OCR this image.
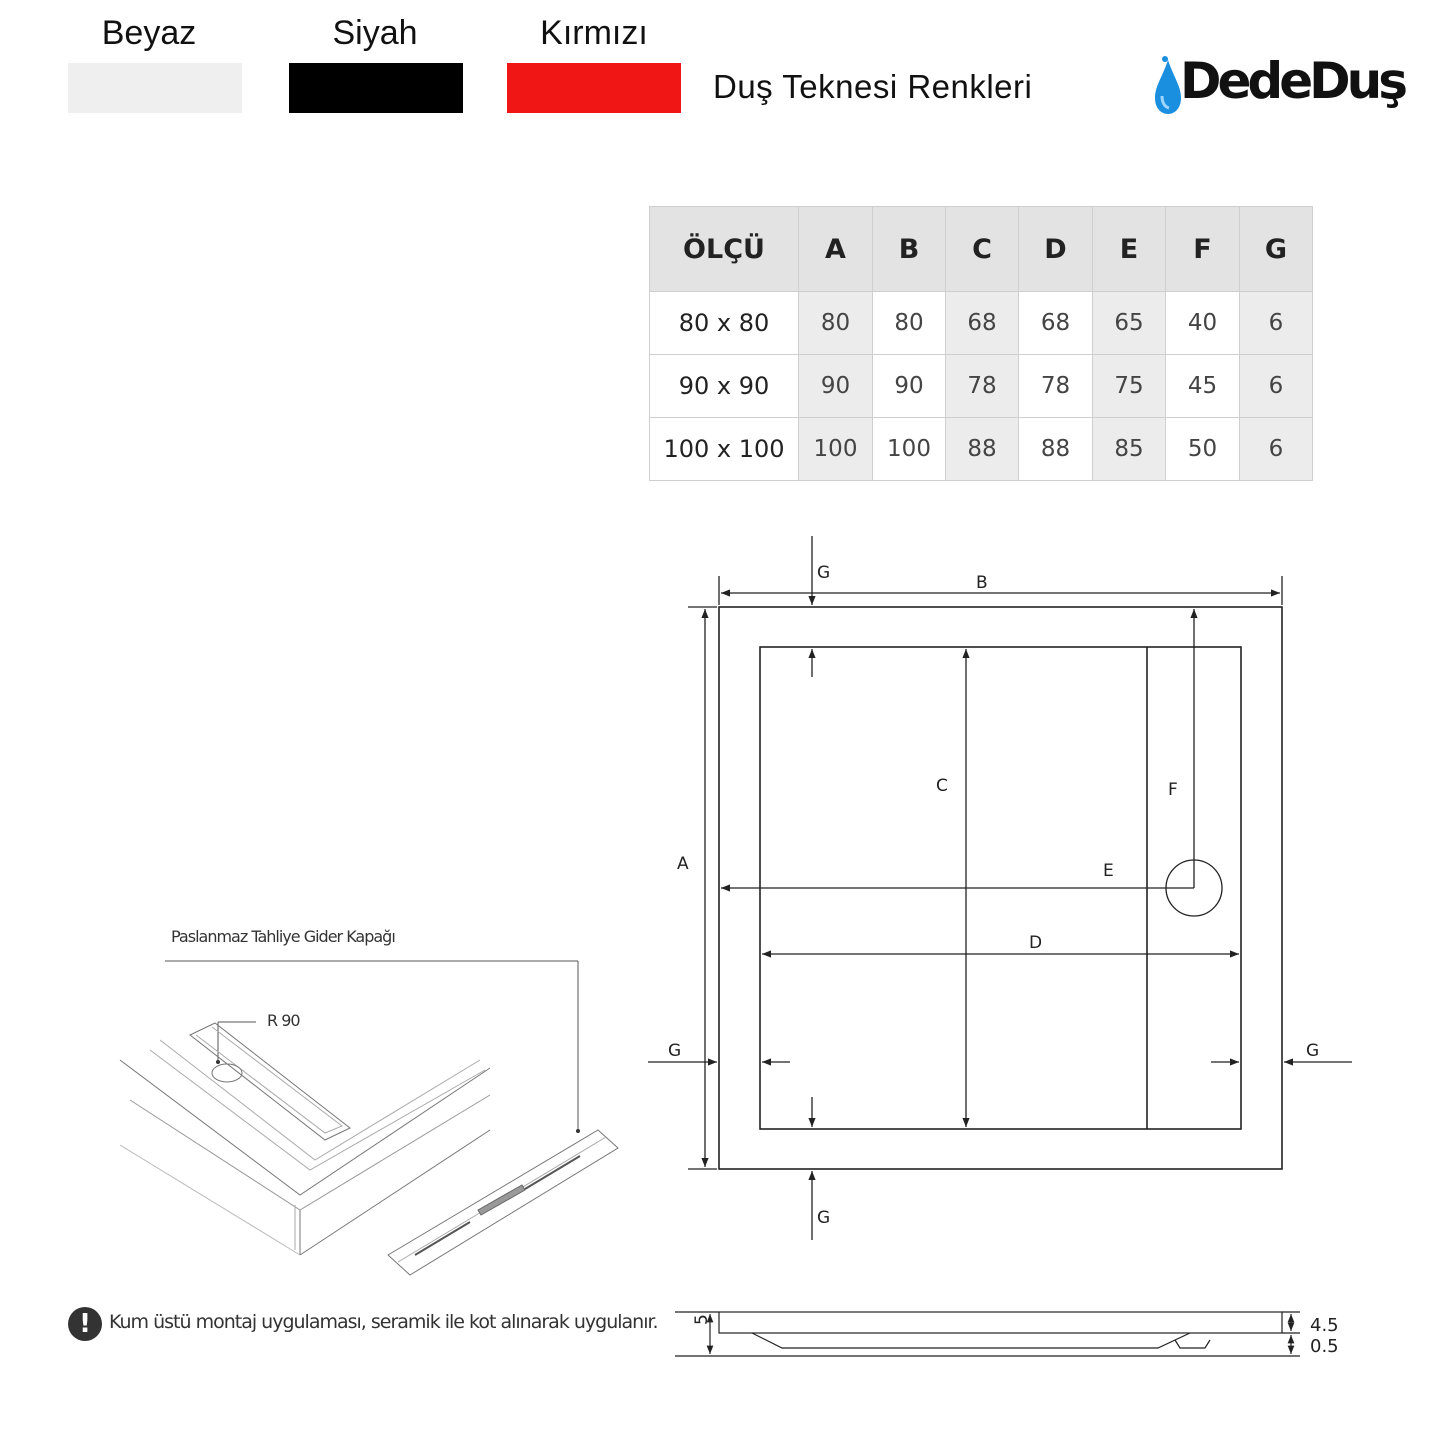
Beyaz	Siyah	Kırmızı
Duş Teknesi Renkleri	DedeDuş
ÖLÇÜ	A	B	C	D	E	F	G
80 x 80	80	80	68	68	65	40	6
90 x 90	90	90	78	78	75	45	6
100 x 100	100	100	88	88	85	50	6
B
G
A
C	F
E
D
G	G
G
5	4.5
0.5
Paslanmaz Tahliye Gider Kapağı
R 90
! Kum üstü montaj uygulaması, seramik ile kot alınarak uygulanır.
